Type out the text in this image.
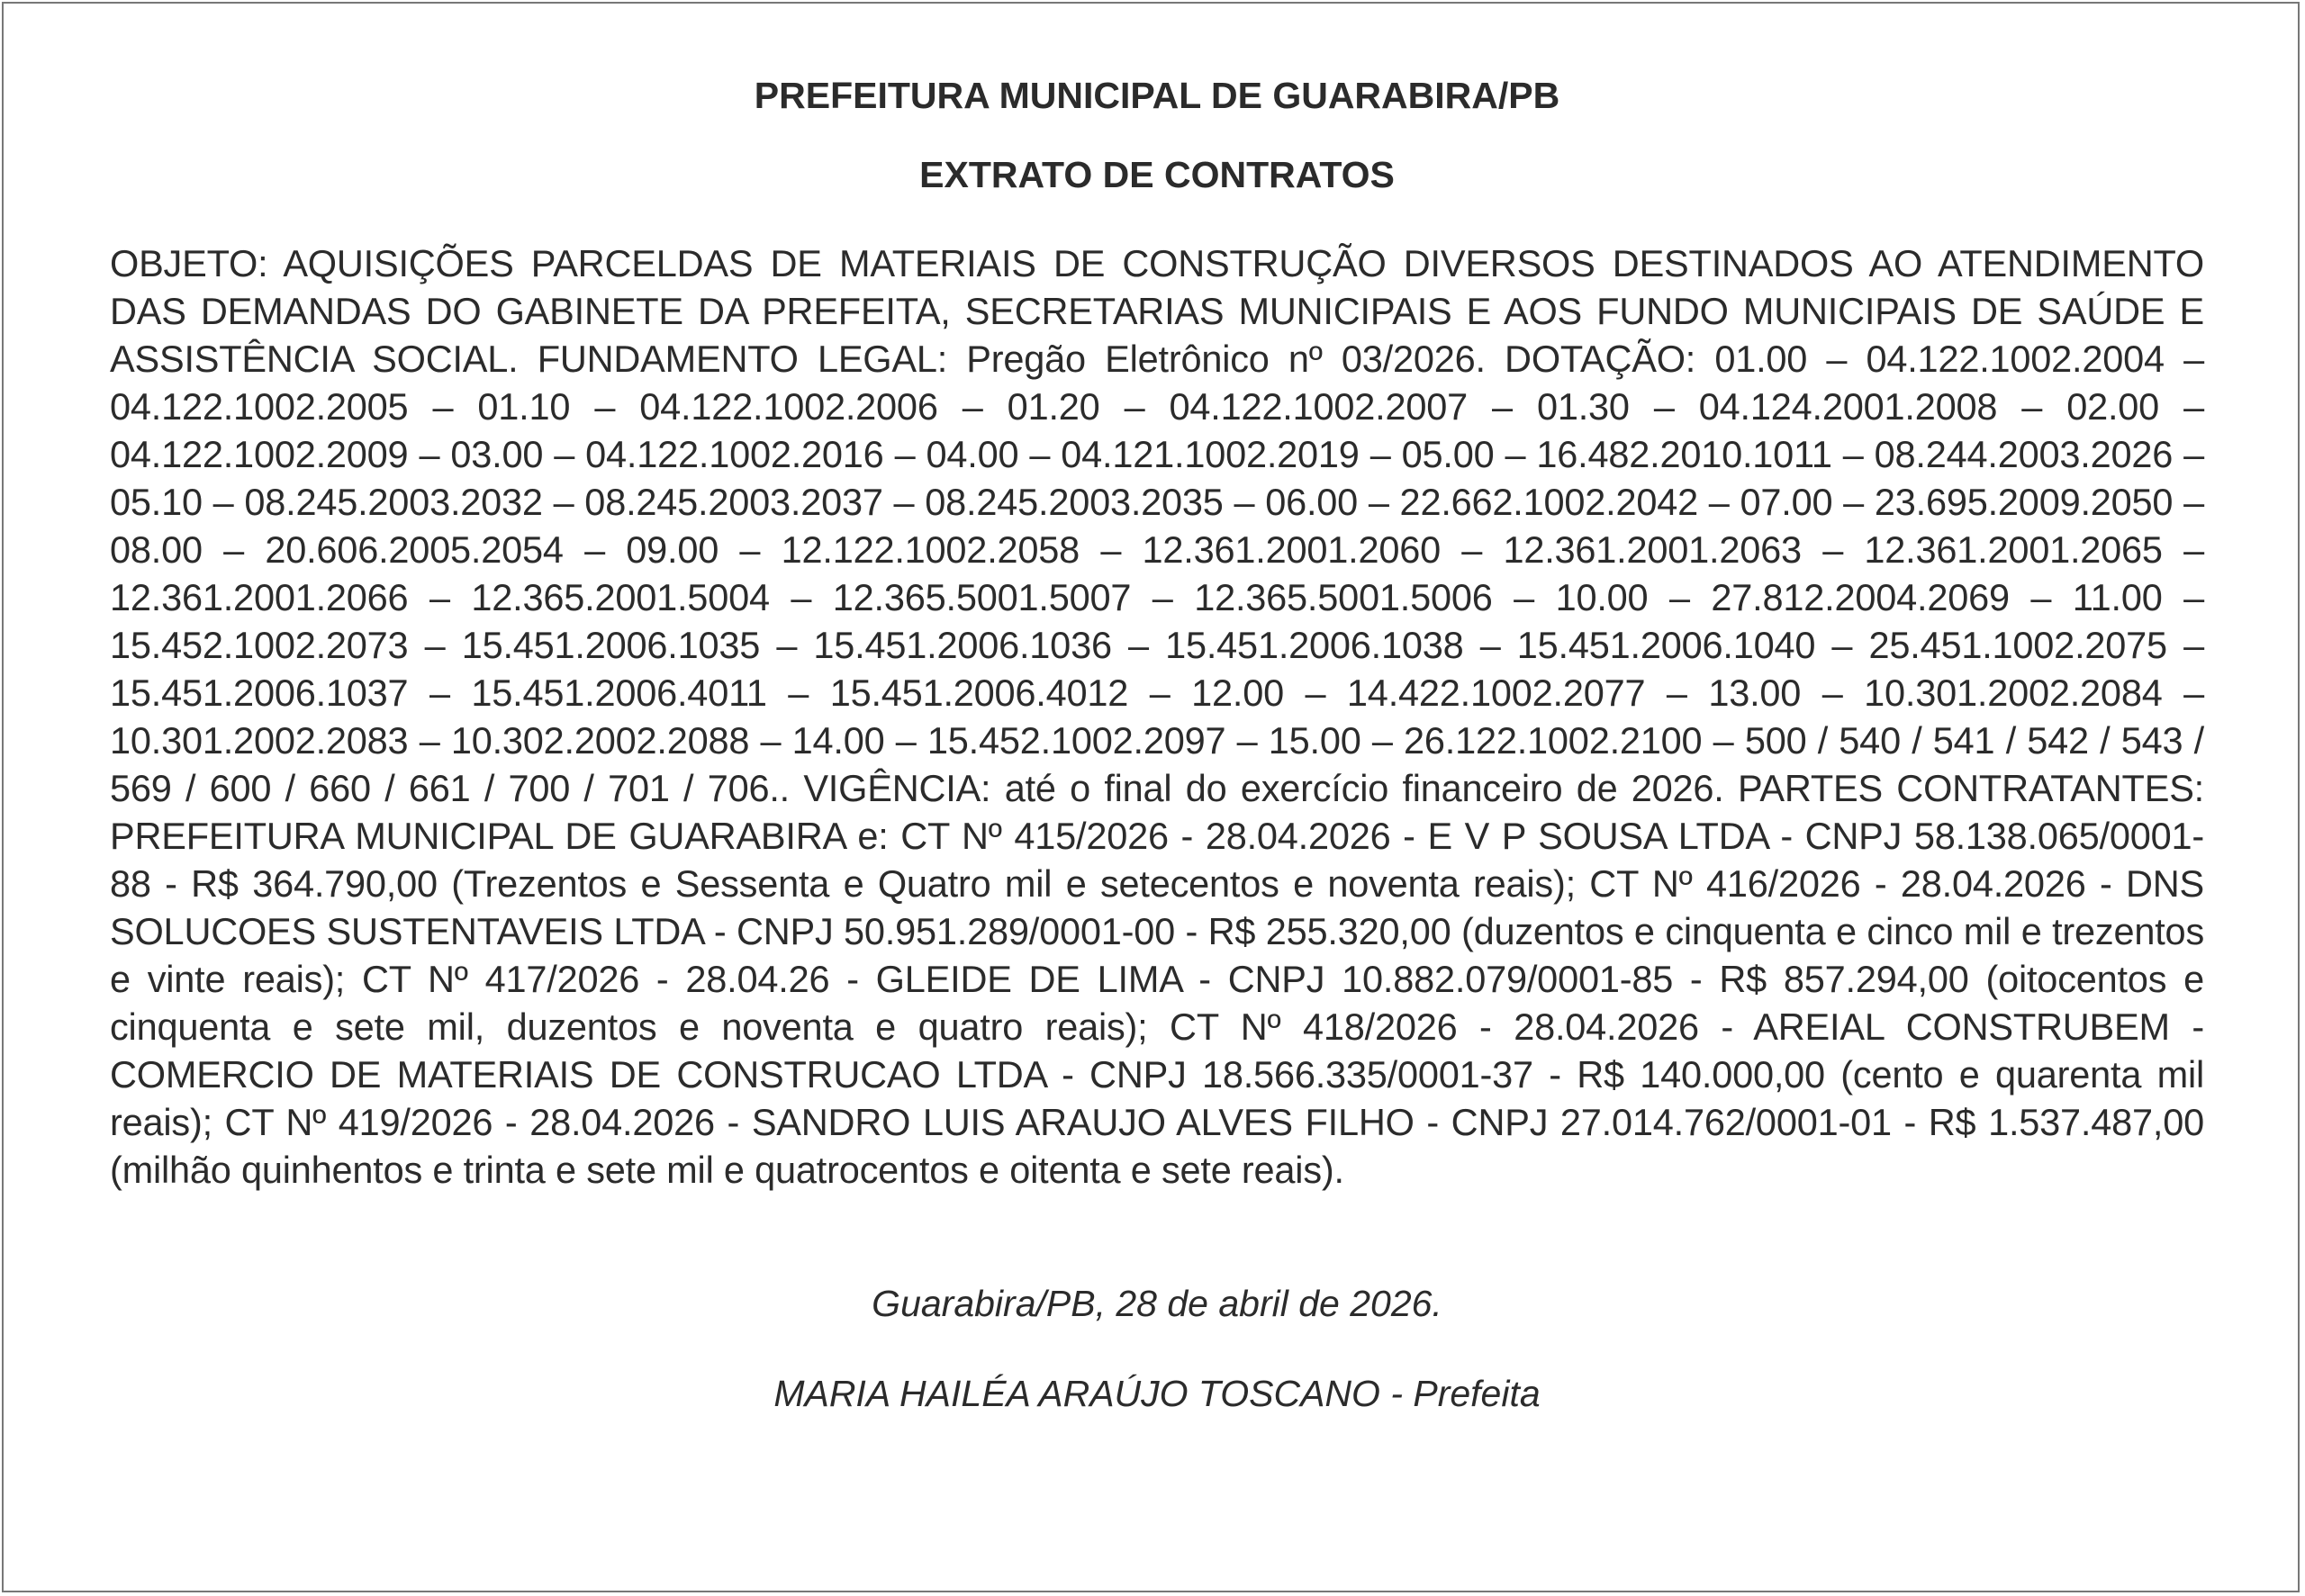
PREFEITURA MUNICIPAL DE GUARABIRA/PB

EXTRATO DE CONTRATOS

OBJETO: AQUISIÇÕES PARCELDAS DE MATERIAIS DE CONSTRUÇÃO DIVERSOS DESTINADOS AO ATENDIMENTO DAS DEMANDAS DO GABINETE DA PREFEITA, SECRETARIAS MUNICIPAIS E AOS FUNDO MUNICIPAIS DE SAÚDE E ASSISTÊNCIA SOCIAL. FUNDAMENTO LEGAL: Pregão Eletrônico nº 03/2026. DOTAÇÃO: 01.00 – 04.122.1002.2004 – 04.122.1002.2005 – 01.10 – 04.122.1002.2006 – 01.20 – 04.122.1002.2007 – 01.30 – 04.124.2001.2008 – 02.00 – 04.122.1002.2009 – 03.00 – 04.122.1002.2016 – 04.00 – 04.121.1002.2019 – 05.00 – 16.482.2010.1011 – 08.244.2003.2026 – 05.10 – 08.245.2003.2032 – 08.245.2003.2037 – 08.245.2003.2035 – 06.00 – 22.662.1002.2042 – 07.00 – 23.695.2009.2050 – 08.00 – 20.606.2005.2054 – 09.00 – 12.122.1002.2058 – 12.361.2001.2060 – 12.361.2001.2063 – 12.361.2001.2065 – 12.361.2001.2066 – 12.365.2001.5004 – 12.365.5001.5007 – 12.365.5001.5006 – 10.00 – 27.812.2004.2069 – 11.00 – 15.452.1002.2073 – 15.451.2006.1035 – 15.451.2006.1036 – 15.451.2006.1038 – 15.451.2006.1040 – 25.451.1002.2075 – 15.451.2006.1037 – 15.451.2006.4011 – 15.451.2006.4012 – 12.00 – 14.422.1002.2077 – 13.00 – 10.301.2002.2084 – 10.301.2002.2083 – 10.302.2002.2088 – 14.00 – 15.452.1002.2097 – 15.00 – 26.122.1002.2100 – 500 / 540 / 541 / 542 / 543 / 569 / 600 / 660 / 661 / 700 / 701 / 706.. VIGÊNCIA: até o final do exercício financeiro de 2026. PARTES CONTRATANTES: PREFEITURA MUNICIPAL DE GUARABIRA e: CT Nº 415/2026 - 28.04.2026 - E V P SOUSA LTDA - CNPJ 58.138.065/0001-88 - R$ 364.790,00 (Trezentos e Sessenta e Quatro mil e setecentos e noventa reais); CT Nº 416/2026 - 28.04.2026 - DNS SOLUCOES SUSTENTAVEIS LTDA - CNPJ 50.951.289/0001-00 - R$ 255.320,00 (duzentos e cinquenta e cinco mil e trezentos e vinte reais); CT Nº 417/2026 - 28.04.26 - GLEIDE DE LIMA - CNPJ 10.882.079/0001-85 - R$ 857.294,00 (oitocentos e cinquenta e sete mil, duzentos e noventa e quatro reais); CT Nº 418/2026 - 28.04.2026 - AREIAL CONSTRUBEM - COMERCIO DE MATERIAIS DE CONSTRUCAO LTDA - CNPJ 18.566.335/0001-37 - R$ 140.000,00 (cento e quarenta mil reais); CT Nº 419/2026 - 28.04.2026 - SANDRO LUIS ARAUJO ALVES FILHO - CNPJ 27.014.762/0001-01 - R$ 1.537.487,00 (milhão quinhentos e trinta e sete mil e quatrocentos e oitenta e sete reais).

Guarabira/PB, 28 de abril de 2026.

MARIA HAILÉA ARAÚJO TOSCANO - Prefeita
